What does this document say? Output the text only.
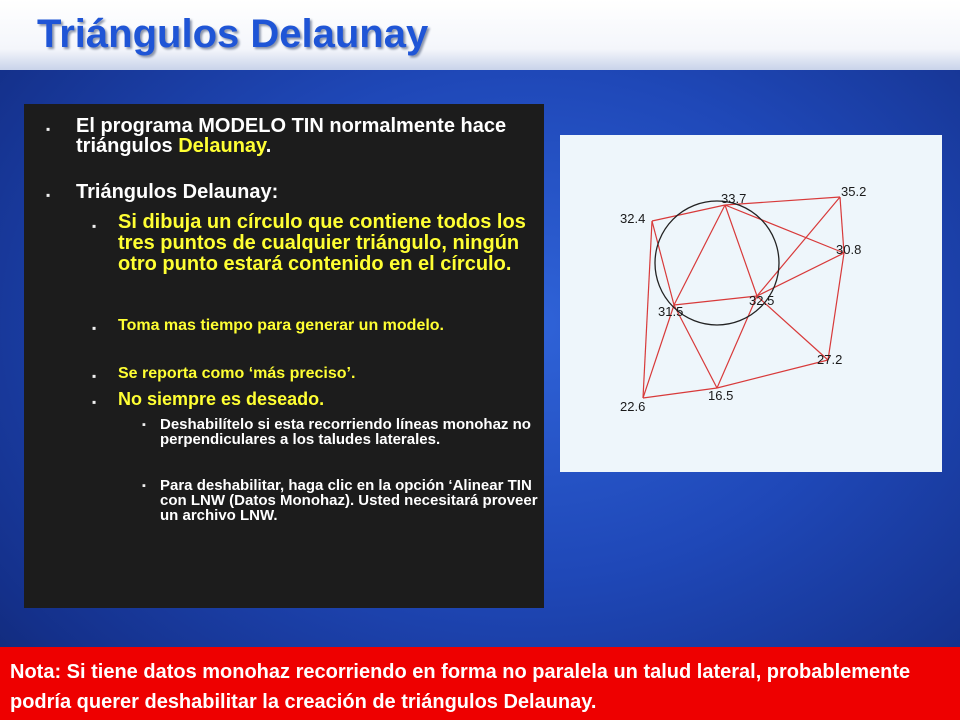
Triángulos Delaunay
▪ El programa MODELO TIN normalmente hace triángulos Delaunay.
▪ Triángulos Delaunay:
▪ Si dibuja un círculo que contiene todos los tres puntos de cualquier triángulo, ningún otro punto estará contenido en el círculo.
▪ Toma mas tiempo para generar un modelo.
▪ Se reporta como ‘más preciso’.
▪ No siempre es deseado.
▪ Deshabilítelo si esta recorriendo líneas monohaz no perpendiculares a los taludes laterales.
▪ Para deshabilitar, haga clic en la opción ‘Alinear TIN con LNW (Datos Monohaz). Usted necesitará proveer un archivo LNW.
32.4
33.7	35.2
30.8
31.5
32.5
27.2
22.6
16.5
Nota: Si tiene datos monohaz recorriendo en forma no paralela un talud lateral, probablemente podría querer deshabilitar la creación de triángulos Delaunay.
